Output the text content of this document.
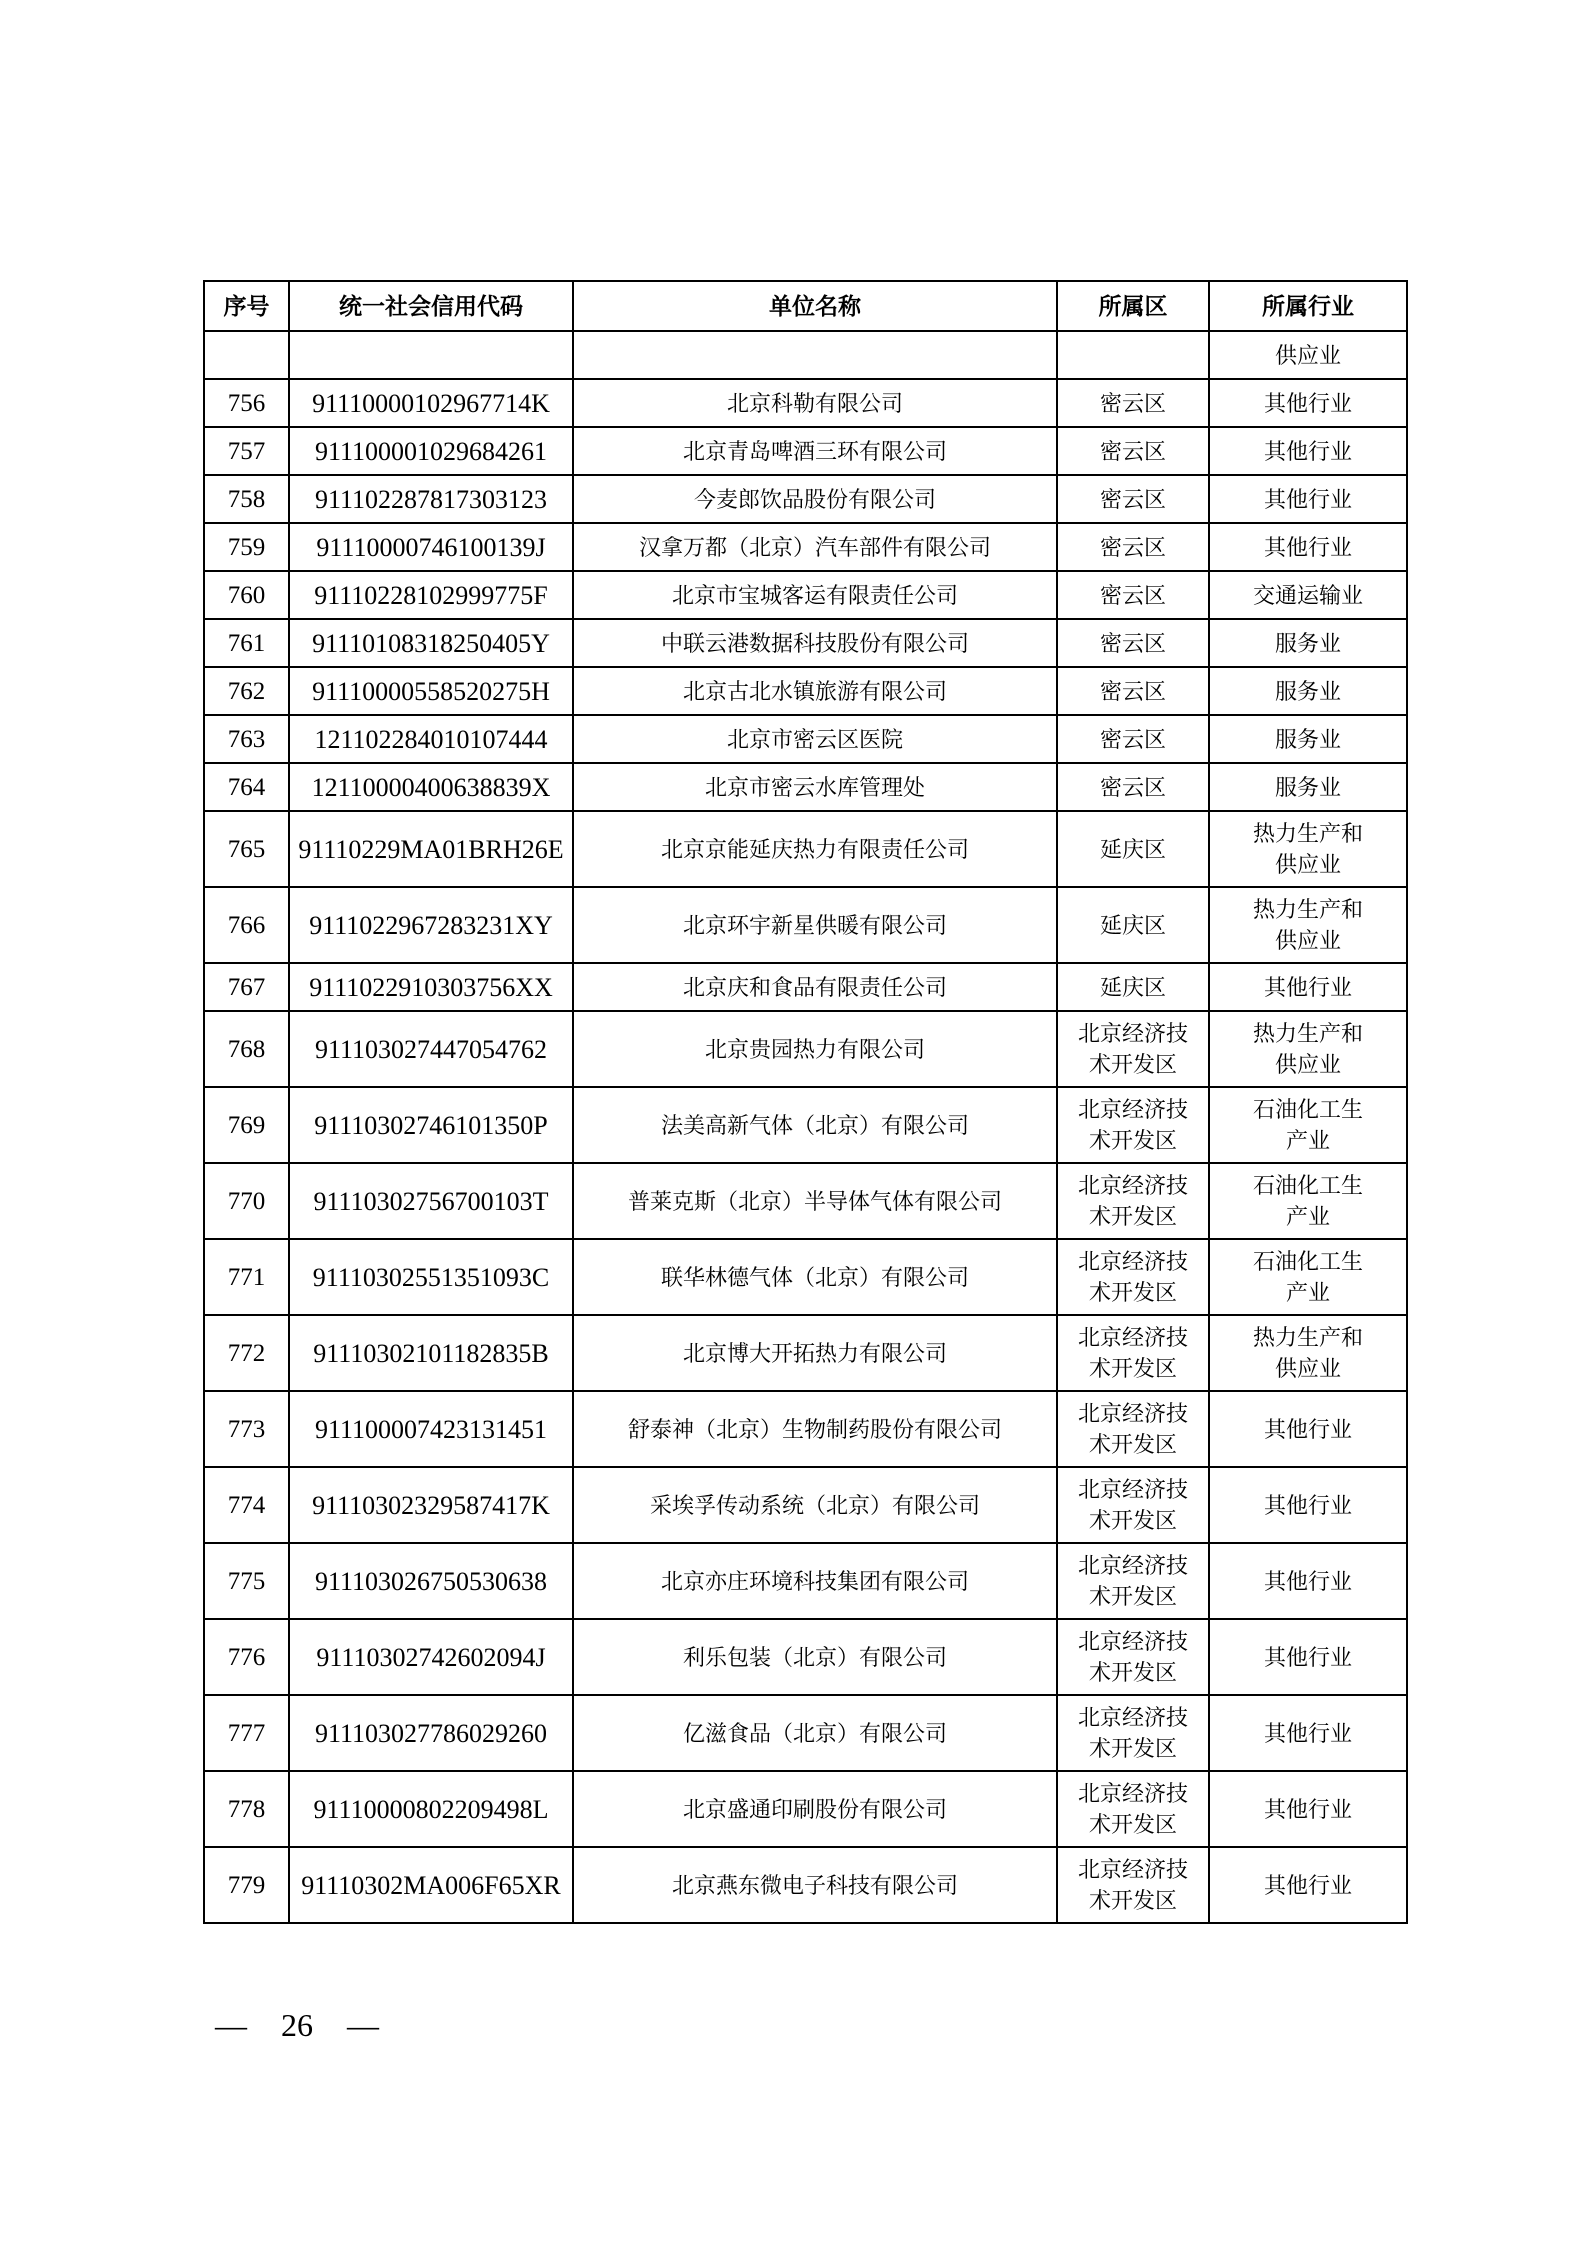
序号	统一社会信用代码	单位名称	所属区	所属行业
				供应业
756	91110000102967714K	北京科勒有限公司	密云区	其他行业
757	911100001029684261	北京青岛啤酒三环有限公司	密云区	其他行业
758	911102287817303123	今麦郎饮品股份有限公司	密云区	其他行业
759	91110000746100139J	汉拿万都（北京）汽车部件有限公司	密云区	其他行业
760	91110228102999775F	北京市宝城客运有限责任公司	密云区	交通运输业
761	91110108318250405Y	中联云港数据科技股份有限公司	密云区	服务业
762	91110000558520275H	北京古北水镇旅游有限公司	密云区	服务业
763	121102284010107444	北京市密云区医院	密云区	服务业
764	12110000400638839X	北京市密云水库管理处	密云区	服务业
765	91110229MA01BRH26E	北京京能延庆热力有限责任公司	延庆区	热力生产和供应业
766	9111022967283231XY	北京环宇新星供暖有限公司	延庆区	热力生产和供应业
767	9111022910303756XX	北京庆和食品有限责任公司	延庆区	其他行业
768	911103027447054762	北京贵园热力有限公司	北京经济技术开发区	热力生产和供应业
769	91110302746101350P	法美高新气体（北京）有限公司	北京经济技术开发区	石油化工生产业
770	91110302756700103T	普莱克斯（北京）半导体气体有限公司	北京经济技术开发区	石油化工生产业
771	91110302551351093C	联华林德气体（北京）有限公司	北京经济技术开发区	石油化工生产业
772	91110302101182835B	北京博大开拓热力有限公司	北京经济技术开发区	热力生产和供应业
773	911100007423131451	舒泰神（北京）生物制药股份有限公司	北京经济技术开发区	其他行业
774	91110302329587417K	采埃孚传动系统（北京）有限公司	北京经济技术开发区	其他行业
775	911103026750530638	北京亦庄环境科技集团有限公司	北京经济技术开发区	其他行业
776	91110302742602094J	利乐包装（北京）有限公司	北京经济技术开发区	其他行业
777	911103027786029260	亿滋食品（北京）有限公司	北京经济技术开发区	其他行业
778	91110000802209498L	北京盛通印刷股份有限公司	北京经济技术开发区	其他行业
779	91110302MA006F65XR	北京燕东微电子科技有限公司	北京经济技术开发区	其他行业
— 26 —
